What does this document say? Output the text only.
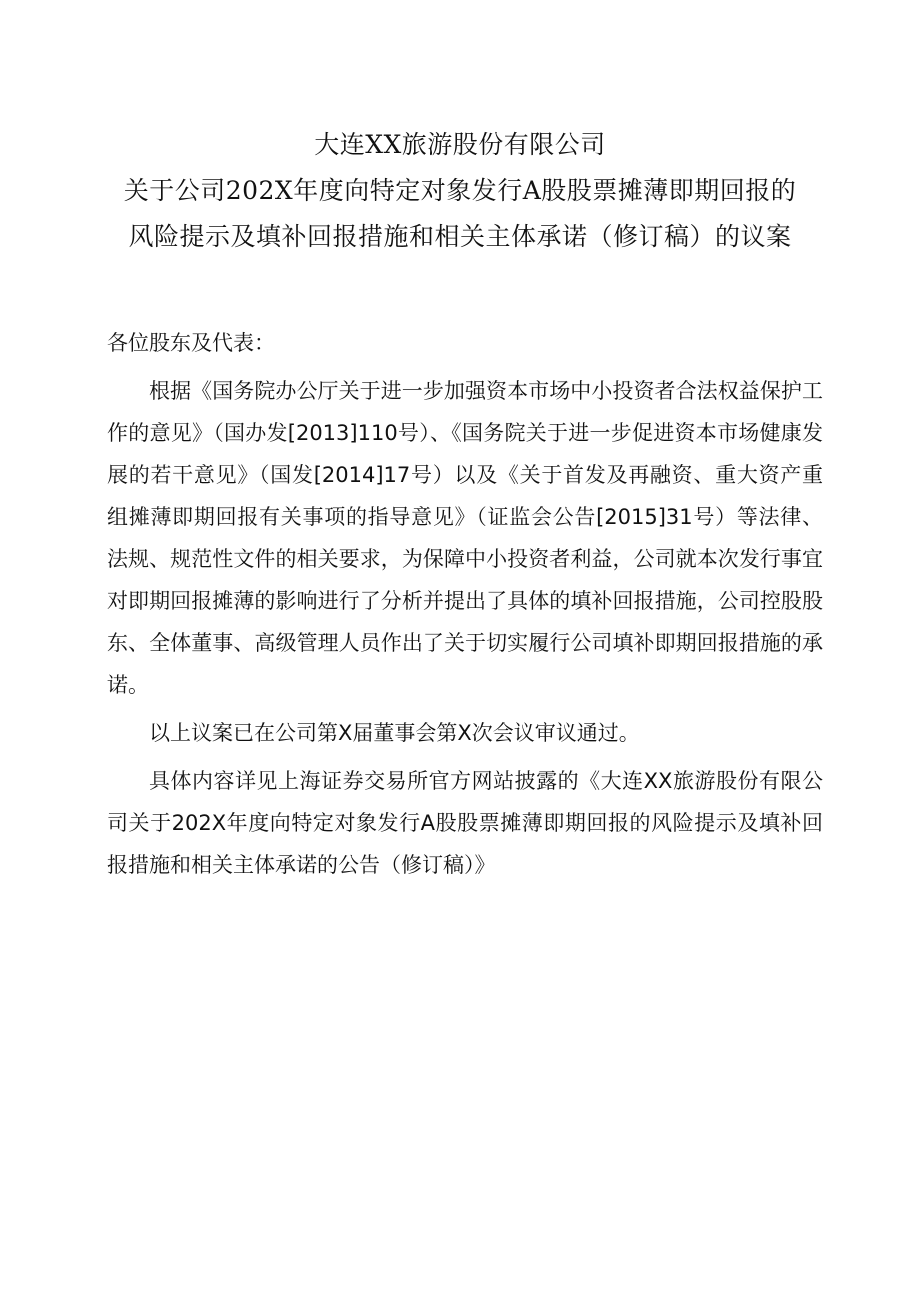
大连XX旅游股份有限公司
关于公司202X年度向特定对象发行A股股票摊薄即期回报的
风险提示及填补回报措施和相关主体承诺（修订稿）的议案

各位股东及代表：

根据《国务院办公厅关于进一步加强资本市场中小投资者合法权益保护工作的意见》（国办发[2013]110号）、《国务院关于进一步促进资本市场健康发展的若干意见》（国发[2014]17号）以及《关于首发及再融资、重大资产重组摊薄即期回报有关事项的指导意见》（证监会公告[2015]31号）等法律、法规、规范性文件的相关要求，为保障中小投资者利益，公司就本次发行事宜对即期回报摊薄的影响进行了分析并提出了具体的填补回报措施，公司控股股东、全体董事、高级管理人员作出了关于切实履行公司填补即期回报措施的承诺。

以上议案已在公司第X届董事会第X次会议审议通过。

具体内容详见上海证券交易所官方网站披露的《大连XX旅游股份有限公司关于202X年度向特定对象发行A股股票摊薄即期回报的风险提示及填补回报措施和相关主体承诺的公告（修订稿）》
